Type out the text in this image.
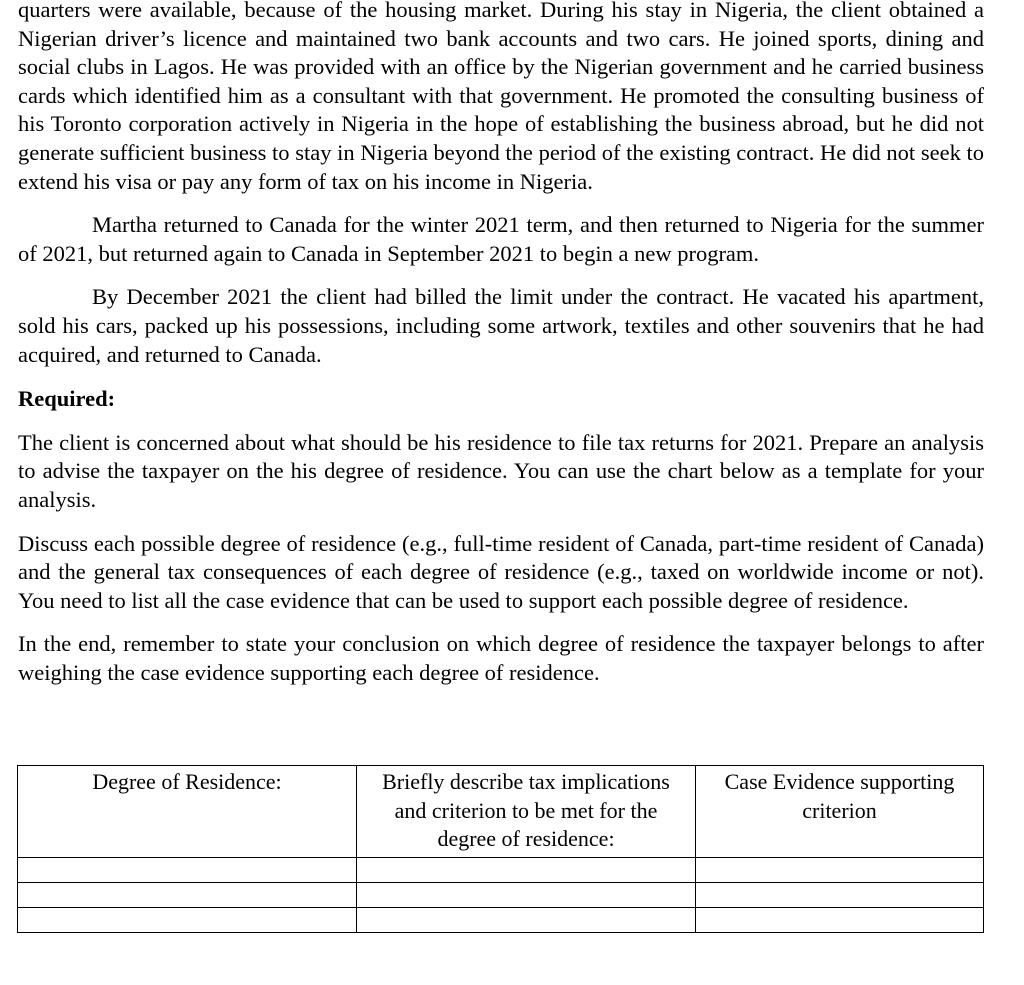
quarters were available, because of the housing market. During his stay in Nigeria, the client obtained a Nigerian driver’s licence and maintained two bank accounts and two cars. He joined sports, dining and social clubs in Lagos. He was provided with an office by the Nigerian government and he carried business cards which identified him as a consultant with that government. He promoted the consulting business of his Toronto corporation actively in Nigeria in the hope of establishing the business abroad, but he did not generate sufficient business to stay in Nigeria beyond the period of the existing contract. He did not seek to extend his visa or pay any form of tax on his income in Nigeria.

Martha returned to Canada for the winter 2021 term, and then returned to Nigeria for the summer of 2021, but returned again to Canada in September 2021 to begin a new program.

By December 2021 the client had billed the limit under the contract. He vacated his apartment, sold his cars, packed up his possessions, including some artwork, textiles and other souvenirs that he had acquired, and returned to Canada.

Required:

The client is concerned about what should be his residence to file tax returns for 2021. Prepare an analysis to advise the taxpayer on the his degree of residence. You can use the chart below as a template for your analysis.

Discuss each possible degree of residence (e.g., full-time resident of Canada, part-time resident of Canada) and the general tax consequences of each degree of residence (e.g., taxed on worldwide income or not). You need to list all the case evidence that can be used to support each possible degree of residence.

In the end, remember to state your conclusion on which degree of residence the taxpayer belongs to after weighing the case evidence supporting each degree of residence.

Degree of Residence:	Briefly describe tax implications and criterion to be met for the degree of residence:	Case Evidence supporting criterion
